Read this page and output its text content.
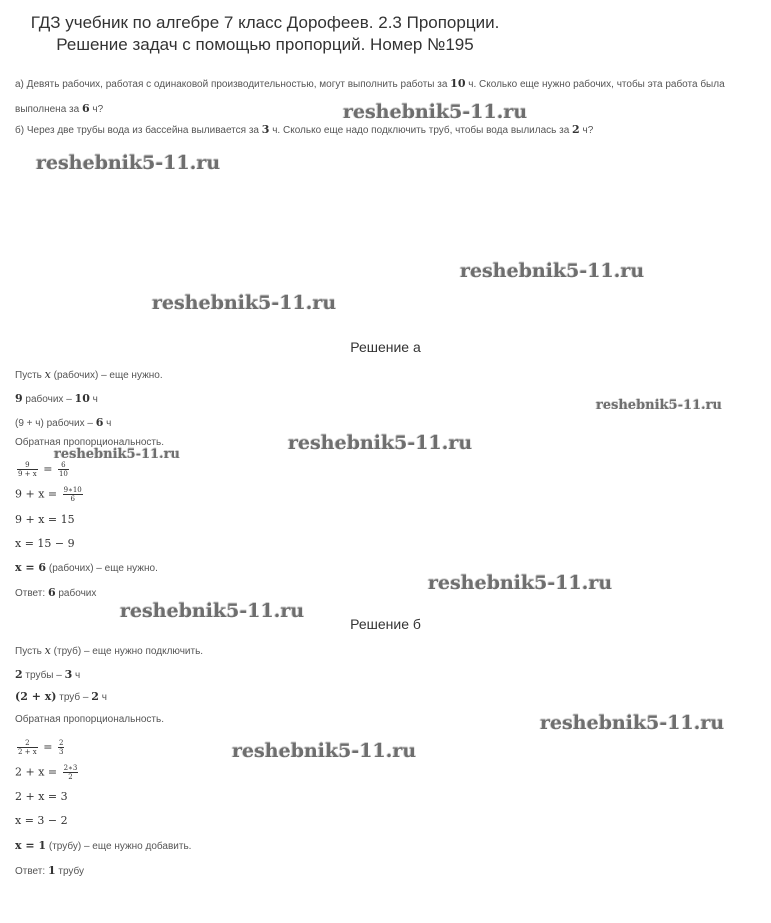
ГДЗ учебник по алгебре 7 класс Дорофеев. 2.3 Пропорции.
Решение задач с помощью пропорций. Номер №195
а) Девять рабочих, работая с одинаковой производительностью, могут выполнить работы за 10 ч. Сколько еще нужно рабочих, чтобы эта работа была выполнена за 6 ч?
б) Через две трубы вода из бассейна выливается за 3 ч. Сколько еще надо подключить труб, чтобы вода вылилась за 2 ч?
Решение а
Пусть x (рабочих) – еще нужно.
9 рабочих – 10 ч
(9 + ч) рабочих – 6 ч
Обратная пропорциональность.
$\frac{9}{9 + x} = \frac{6}{10}$
$9 + x = \frac{9∗10}{6}$
9 + x = 15
x = 15 − 9
x = 6 (рабочих) – еще нужно.
Ответ: 6 рабочих
Решение б
Пусть x (труб) – еще нужно подключить.
2 трубы – 3 ч
(2 + x) труб – 2 ч
Обратная пропорциональность.
$\frac{2}{2 + x} = \frac{2}{3}$
$2 + x = \frac{2∗3}{2}$
2 + x = 3
x = 3 − 2
x = 1 (трубу) – еще нужно добавить.
Ответ: 1 трубу
reshebnik5-11.ru
reshebnik5-11.ru
reshebnik5-11.ru
reshebnik5-11.ru
reshebnik5-11.ru
reshebnik5-11.ru
reshebnik5-11.ru
reshebnik5-11.ru
reshebnik5-11.ru
reshebnik5-11.ru
reshebnik5-11.ru
